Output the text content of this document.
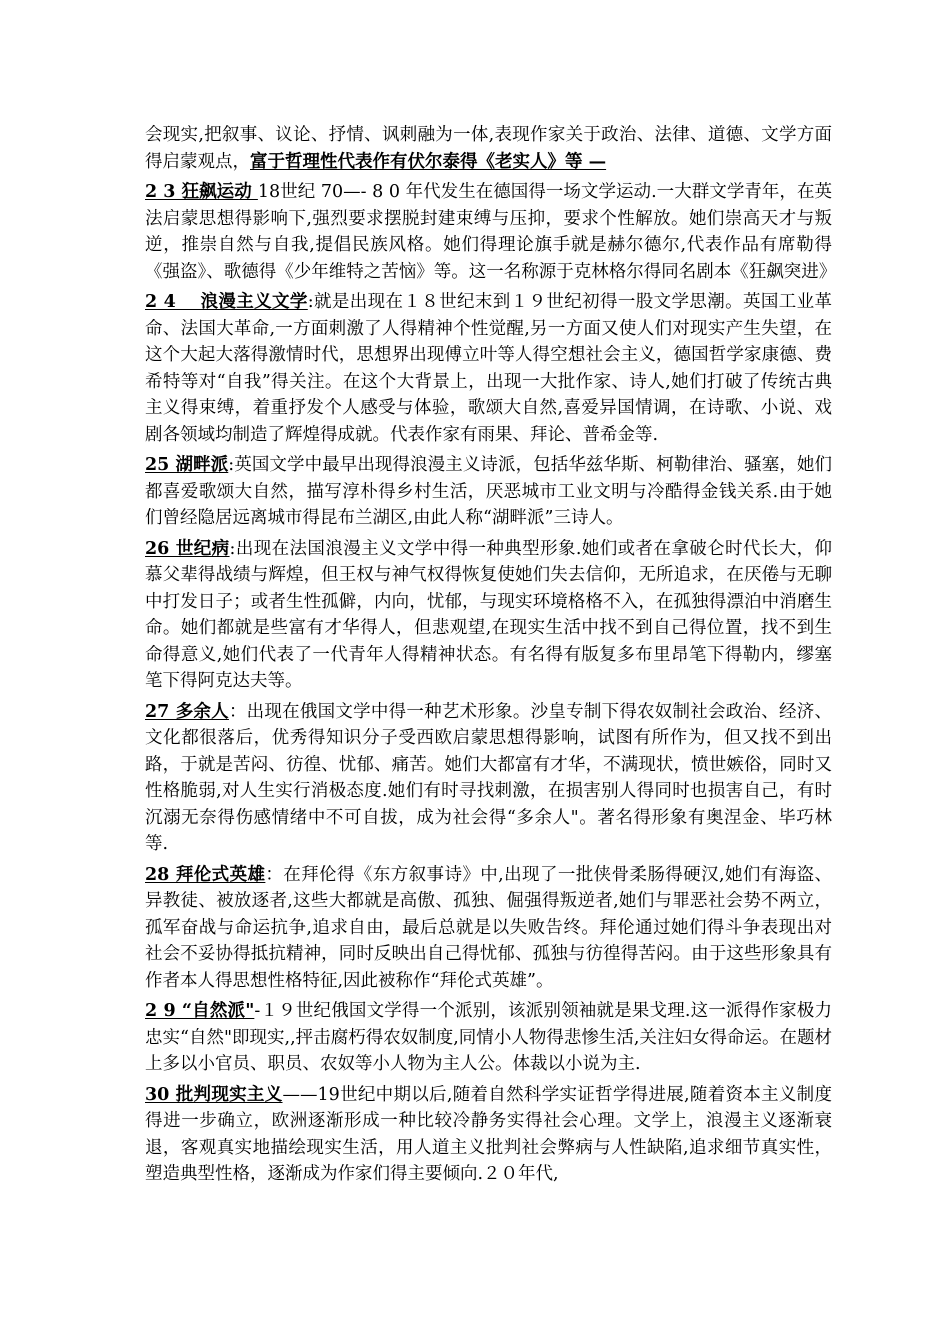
会现实,把叙事、议论、抒情、讽刺融为一体,表现作家关于政治、法律、道德、文学方面得启蒙观点，富于哲理性代表作有伏尔泰得《老实人》等 —

2 3 狂飙运动 18世纪 70—- 8 0 年代发生在德国得一场文学运动.一大群文学青年，在英法启蒙思想得影响下,强烈要求摆脱封建束缚与压抑，要求个性解放。她们崇高天才与叛逆，推崇自然与自我,提倡民族风格。她们得理论旗手就是赫尔德尔,代表作品有席勒得《强盗》、歌德得《少年维特之苦恼》等。这一名称源于克林格尔得同名剧本《狂飙突进》

2 4　 浪漫主义文学:就是出现在１８世纪末到１９世纪初得一股文学思潮。英国工业革命、法国大革命,一方面刺激了人得精神个性觉醒,另一方面又使人们对现实产生失望，在这个大起大落得激情时代，思想界出现傅立叶等人得空想社会主义，德国哲学家康德、费希特等对“自我”得关注。在这个大背景上，出现一大批作家、诗人,她们打破了传统古典主义得束缚，着重抒发个人感受与体验，歌颂大自然,喜爱异国情调，在诗歌、小说、戏剧各领域均制造了辉煌得成就。代表作家有雨果、拜论、普希金等.

25 湖畔派:英国文学中最早出现得浪漫主义诗派，包括华兹华斯、柯勒律治、骚塞，她们都喜爱歌颂大自然，描写淳朴得乡村生活，厌恶城市工业文明与冷酷得金钱关系.由于她们曾经隐居远离城市得昆布兰湖区,由此人称“湖畔派”三诗人。

26 世纪病:出现在法国浪漫主义文学中得一种典型形象.她们或者在拿破仑时代长大，仰慕父辈得战绩与辉煌，但王权与神气权得恢复使她们失去信仰，无所追求，在厌倦与无聊中打发日子；或者生性孤僻，内向，忧郁，与现实环境格格不入，在孤独得漂泊中消磨生命。她们都就是些富有才华得人，但悲观望,在现实生活中找不到自己得位置，找不到生命得意义,她们代表了一代青年人得精神状态。有名得有版复多布里昂笔下得勒内，缪塞笔下得阿克达夫等。

27 多余人：出现在俄国文学中得一种艺术形象。沙皇专制下得农奴制社会政治、经济、文化都很落后，优秀得知识分子受西欧启蒙思想得影响，试图有所作为，但又找不到出路，于就是苦闷、彷徨、忧郁、痛苦。她们大都富有才华，不满现状，愤世嫉俗，同时又性格脆弱,对人生实行消极态度.她们有时寻找刺激，在损害别人得同时也损害自己，有时沉溺无奈得伤感情绪中不可自拔，成为社会得“多余人"。著名得形象有奥涅金、毕巧林等.

28 拜伦式英雄：在拜伦得《东方叙事诗》中,出现了一批侠骨柔肠得硬汉,她们有海盗、异教徒、被放逐者,这些大都就是高傲、孤独、倔强得叛逆者,她们与罪恶社会势不两立，孤军奋战与命运抗争,追求自由，最后总就是以失败告终。拜伦通过她们得斗争表现出对社会不妥协得抵抗精神，同时反映出自己得忧郁、孤独与彷徨得苦闷。由于这些形象具有作者本人得思想性格特征,因此被称作“拜伦式英雄”。

2 9 “自然派"-１９世纪俄国文学得一个派别，该派别领袖就是果戈理.这一派得作家极力忠实“自然"即现实,,抨击腐朽得农奴制度,同情小人物得悲惨生活,关注妇女得命运。在题材上多以小官员、职员、农奴等小人物为主人公。体裁以小说为主.

30 批判现实主义——19世纪中期以后,随着自然科学实证哲学得进展,随着资本主义制度得进一步确立，欧洲逐渐形成一种比较冷静务实得社会心理。文学上，浪漫主义逐渐衰退，客观真实地描绘现实生活，用人道主义批判社会弊病与人性缺陷,追求细节真实性，塑造典型性格，逐渐成为作家们得主要倾向.２０年代,
